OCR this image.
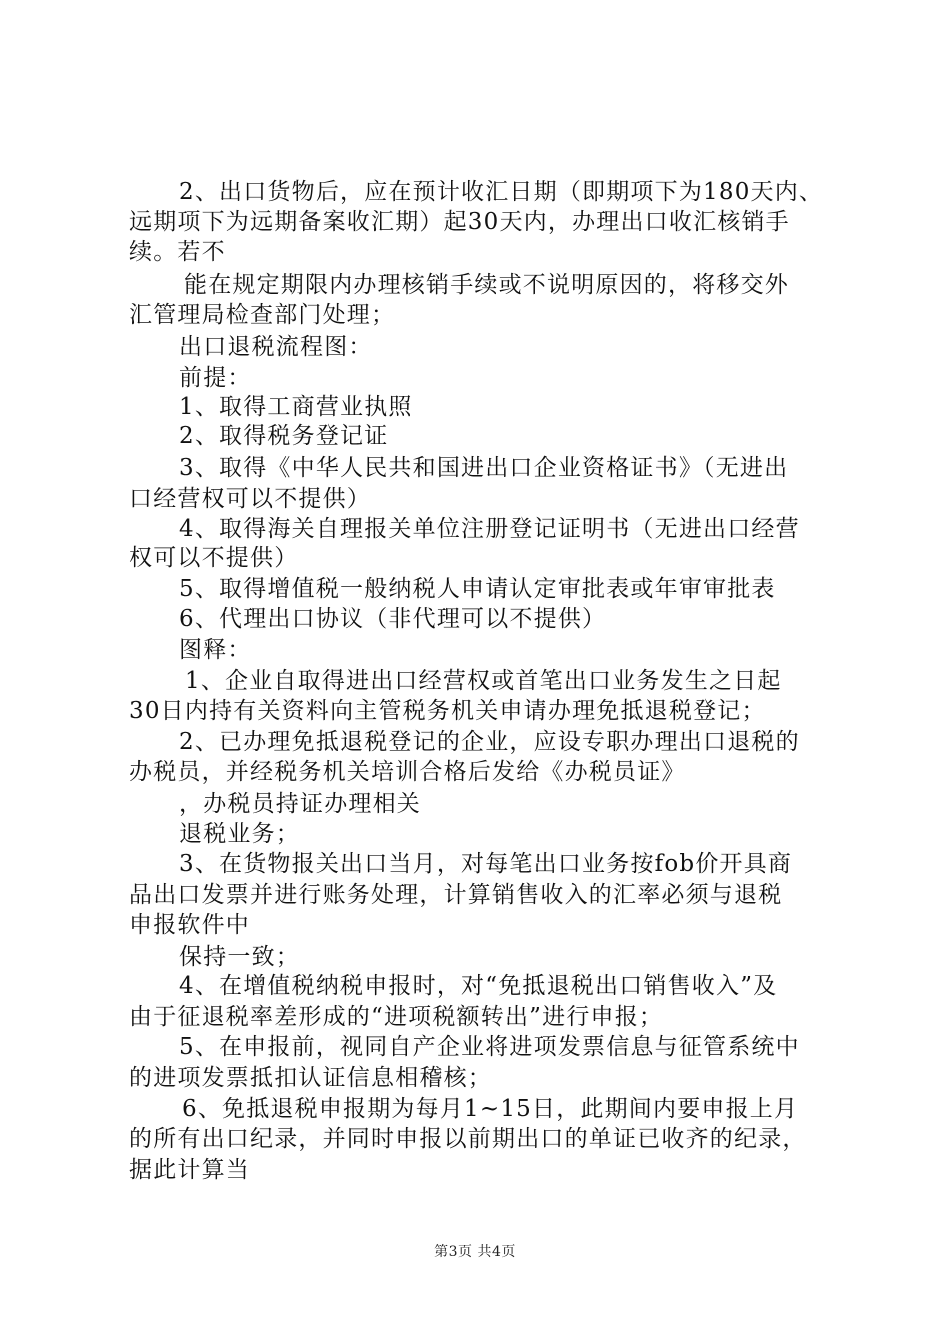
2、出口货物后，应在预计收汇日期（即期项下为180天内、
远期项下为远期备案收汇期）起30天内，办理出口收汇核销手
续。若不
能在规定期限内办理核销手续或不说明原因的，将移交外
汇管理局检查部门处理；
出口退税流程图：
前提：
1、取得工商营业执照
2、取得税务登记证
3、取得《中华人民共和国进出口企业资格证书》（无进出
口经营权可以不提供）
4、取得海关自理报关单位注册登记证明书（无进出口经营
权可以不提供）
5、取得增值税一般纳税人申请认定审批表或年审审批表
6、代理出口协议（非代理可以不提供）
图释：
1、企业自取得进出口经营权或首笔出口业务发生之日起
30日内持有关资料向主管税务机关申请办理免抵退税登记；
2、已办理免抵退税登记的企业，应设专职办理出口退税的
办税员，并经税务机关培训合格后发给《办税员证》
，办税员持证办理相关
退税业务；
3、在货物报关出口当月，对每笔出口业务按fob价开具商
品出口发票并进行账务处理，计算销售收入的汇率必须与退税
申报软件中
保持一致；
4、在增值税纳税申报时，对“免抵退税出口销售收入”及
由于征退税率差形成的“进项税额转出”进行申报；
5、在申报前，视同自产企业将进项发票信息与征管系统中
的进项发票抵扣认证信息相稽核；
6、免抵退税申报期为每月1~15日，此期间内要申报上月
的所有出口纪录，并同时申报以前期出口的单证已收齐的纪录，
据此计算当
第3页 共4页
